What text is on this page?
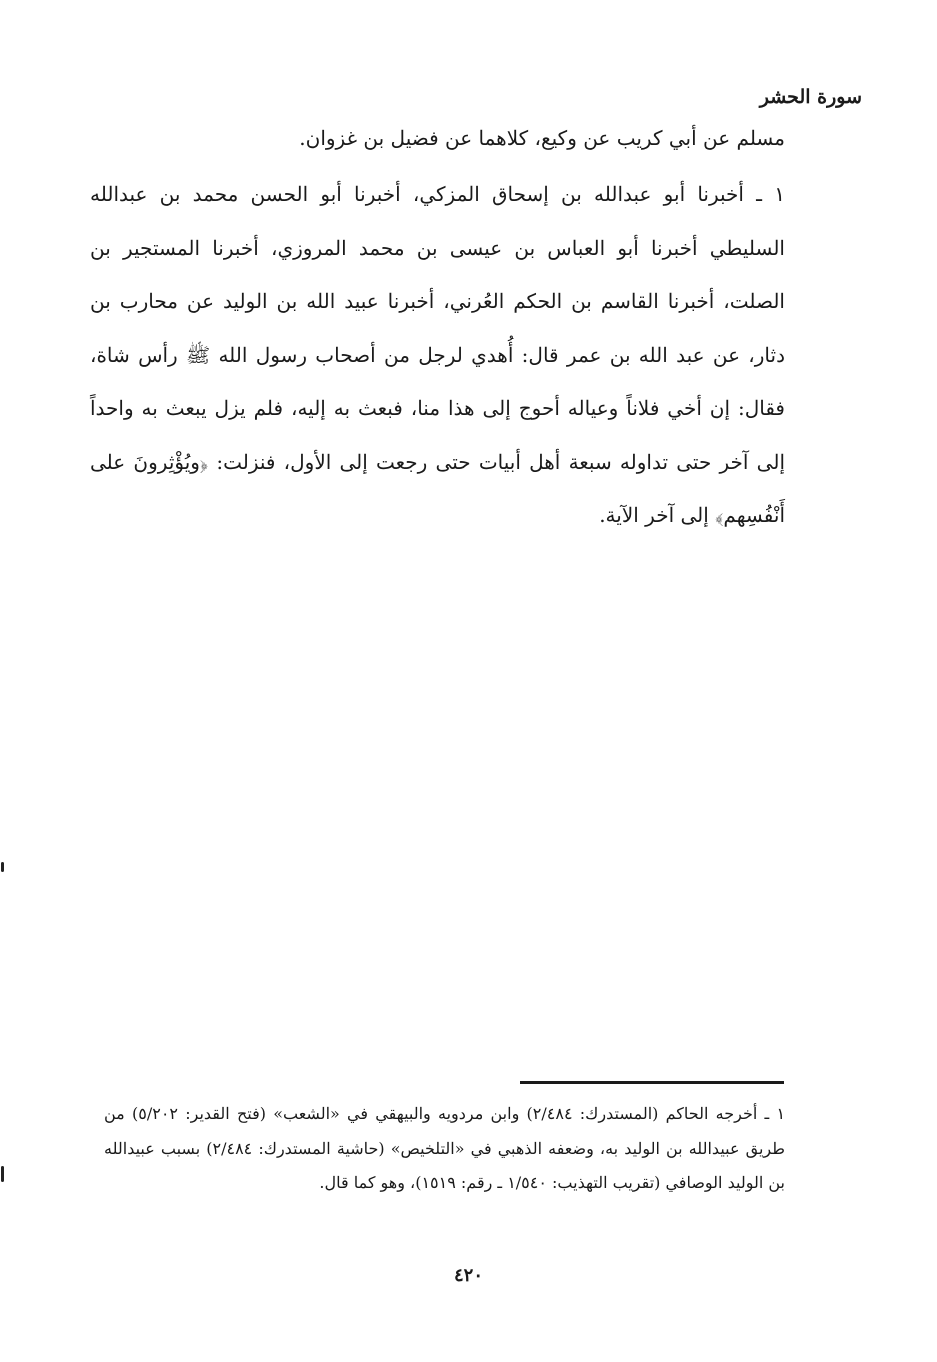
سورة الحشر

مسلم عن أبي كريب عن وكيع، كلاهما عن فضيل بن غزوان.

١ ـ أخبرنا أبو عبدالله بن إسحاق المزكي، أخبرنا أبو الحسن محمد بن عبدالله السليطي أخبرنا أبو العباس بن عيسى بن محمد المروزي، أخبرنا المستجير بن الصلت، أخبرنا القاسم بن الحكم العُرني، أخبرنا عبيد الله بن الوليد عن محارب بن دثار، عن عبد الله بن عمر قال: أُهدي لرجل من أصحاب رسول الله ﷺ رأس شاة، فقال: إن أخي فلاناً وعياله أحوج إلى هذا منا، فبعث به إليه، فلم يزل يبعث به واحداً إلى آخر حتى تداوله سبعة أهل أبيات حتى رجعت إلى الأول، فنزلت: ﴿ويُؤْثِرونَ على أَنْفُسِهم﴾ إلى آخر الآية.

١ ـ أخرجه الحاكم (المستدرك: ٢/٤٨٤) وابن مردويه والبيهقي في «الشعب» (فتح القدير: ٥/٢٠٢) من طريق عبيدالله بن الوليد به، وضعفه الذهبي في «التلخيص» (حاشية المستدرك: ٢/٤٨٤) بسبب عبيدالله بن الوليد الوصافي (تقريب التهذيب: ١/٥٤٠ ـ رقم: ١٥١٩)، وهو كما قال.

٤٢٠
